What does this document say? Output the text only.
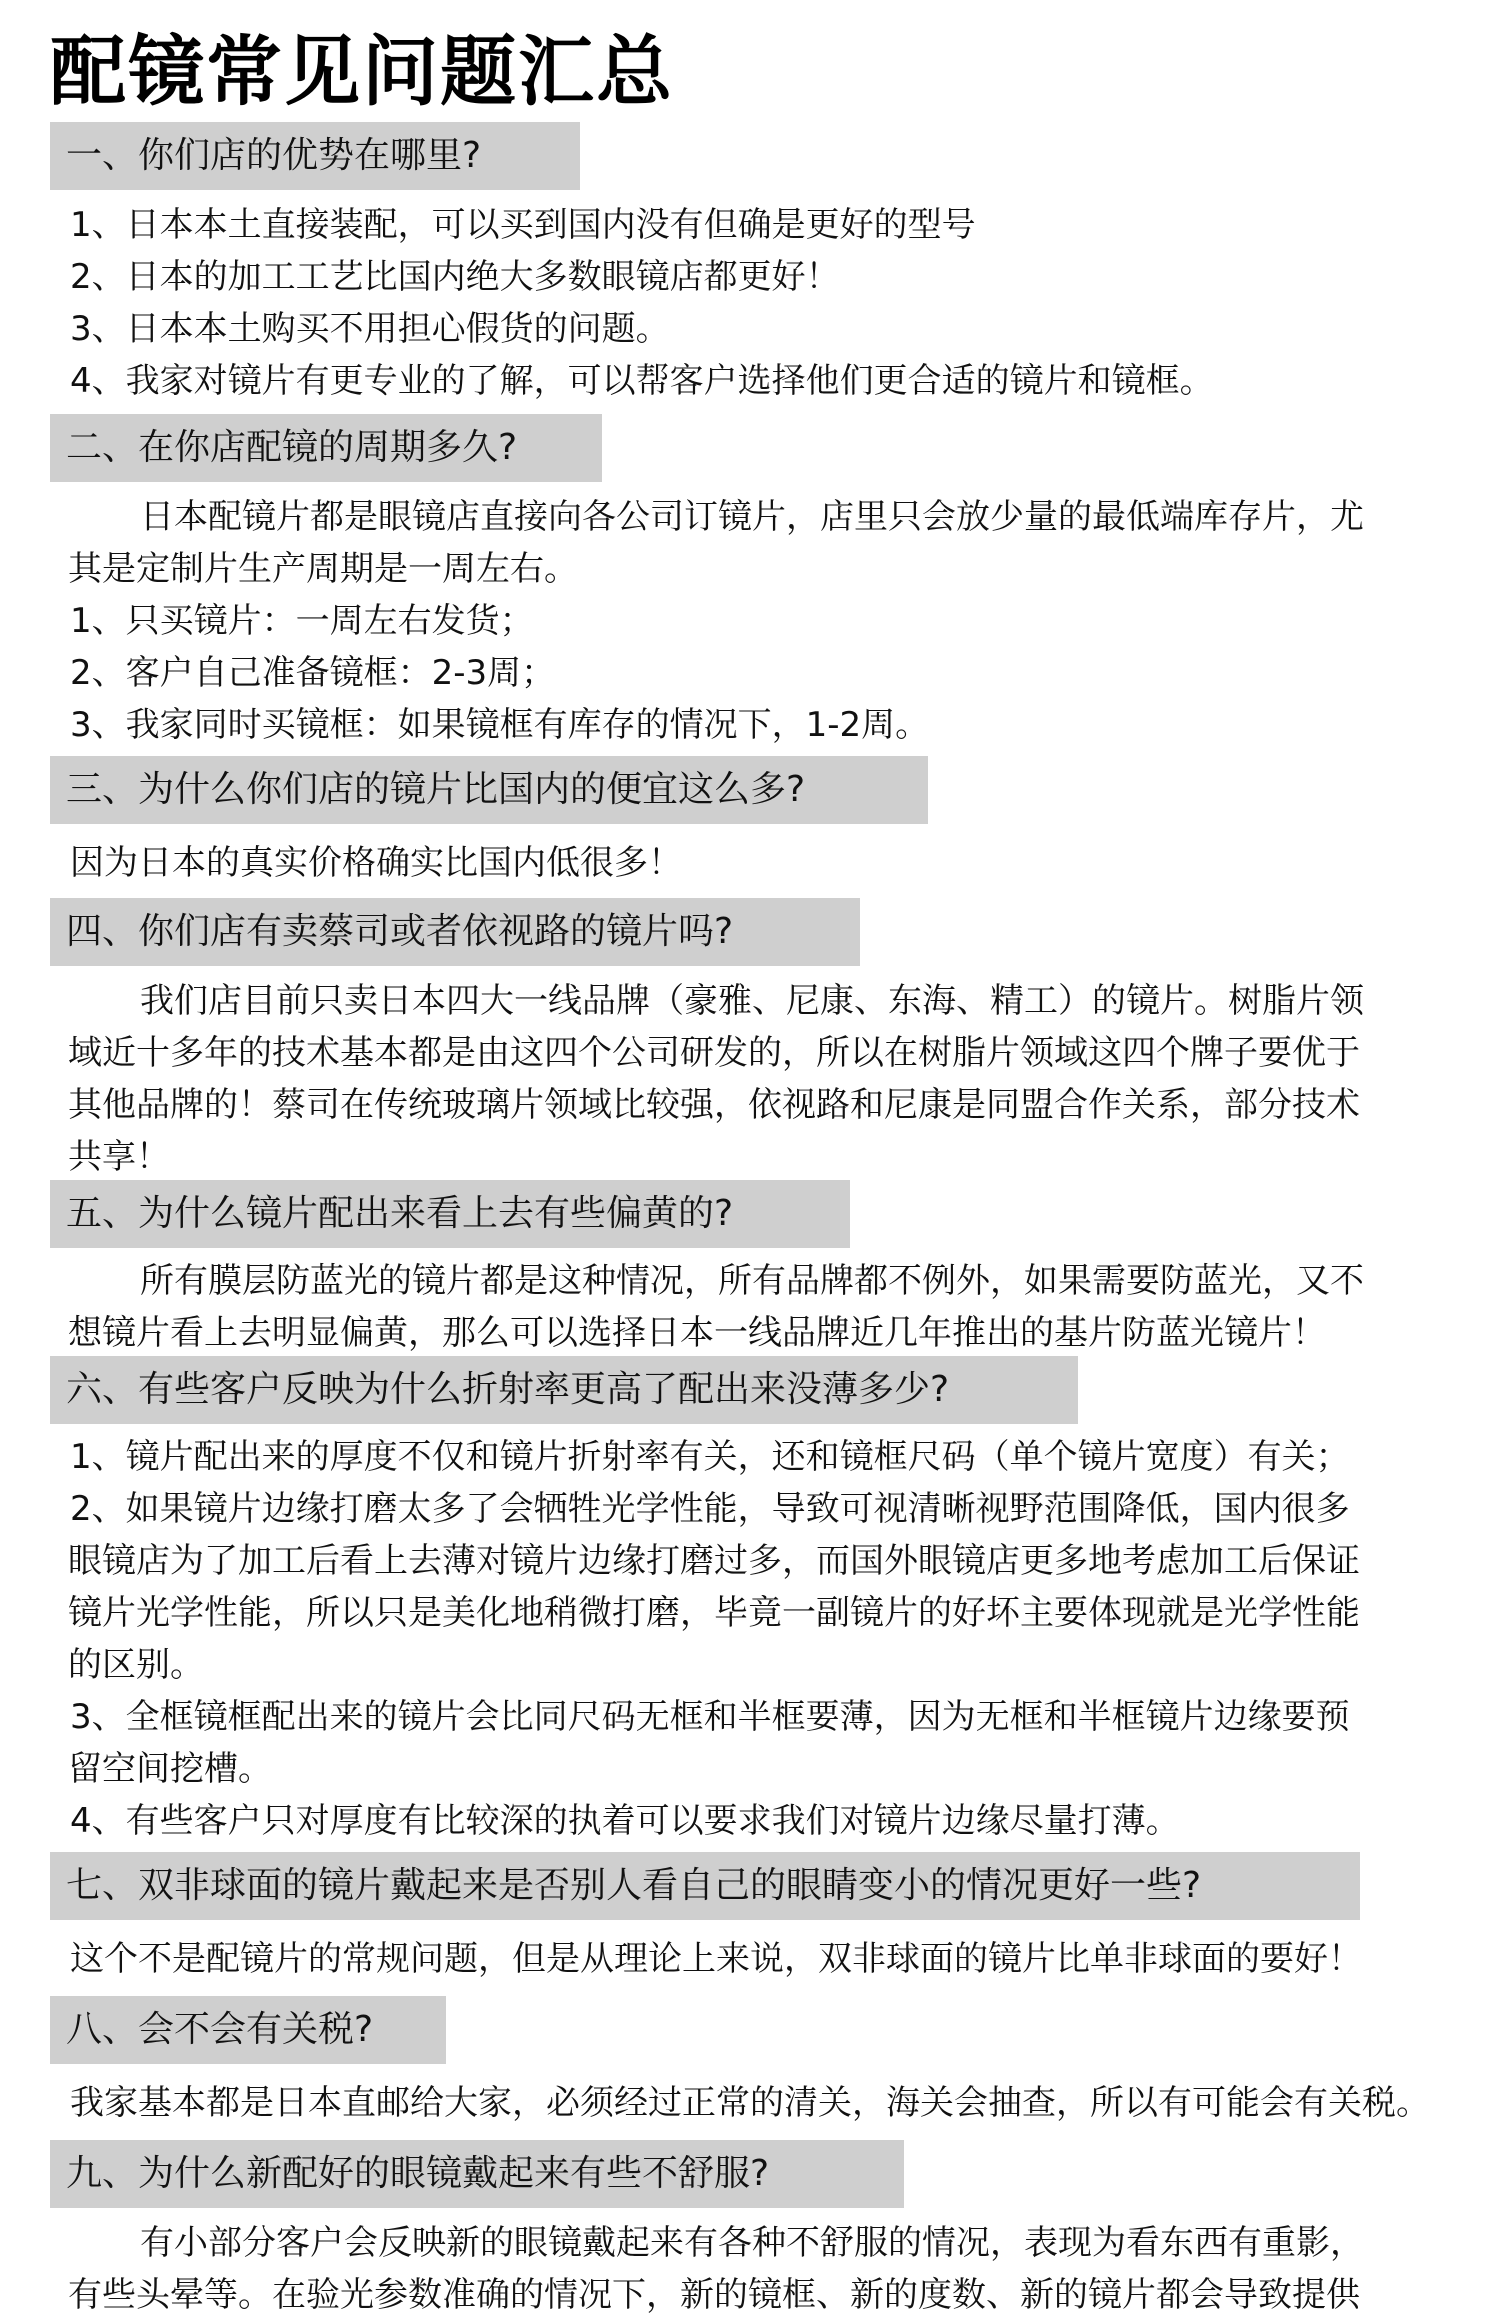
配镜常见问题汇总
一、你们店的优势在哪里?
1、日本本土直接装配，可以买到国内没有但确是更好的型号
2、日本的加工工艺比国内绝大多数眼镜店都更好！
3、日本本土购买不用担心假货的问题。
4、我家对镜片有更专业的了解，可以帮客户选择他们更合适的镜片和镜框。
二、在你店配镜的周期多久?
日本配镜片都是眼镜店直接向各公司订镜片，店里只会放少量的最低端库存片，尤
其是定制片生产周期是一周左右。
1、只买镜片：一周左右发货；
2、客户自己准备镜框：2-3周；
3、我家同时买镜框：如果镜框有库存的情况下，1-2周。
三、为什么你们店的镜片比国内的便宜这么多?
因为日本的真实价格确实比国内低很多！
四、你们店有卖蔡司或者依视路的镜片吗?
我们店目前只卖日本四大一线品牌（豪雅、尼康、东海、精工）的镜片。树脂片领
域近十多年的技术基本都是由这四个公司研发的，所以在树脂片领域这四个牌子要优于
其他品牌的！蔡司在传统玻璃片领域比较强，依视路和尼康是同盟合作关系，部分技术
共享！
五、为什么镜片配出来看上去有些偏黄的?
所有膜层防蓝光的镜片都是这种情况，所有品牌都不例外，如果需要防蓝光，又不
想镜片看上去明显偏黄，那么可以选择日本一线品牌近几年推出的基片防蓝光镜片！
六、有些客户反映为什么折射率更高了配出来没薄多少?
1、镜片配出来的厚度不仅和镜片折射率有关，还和镜框尺码（单个镜片宽度）有关；
2、如果镜片边缘打磨太多了会牺牲光学性能，导致可视清晰视野范围降低，国内很多
眼镜店为了加工后看上去薄对镜片边缘打磨过多，而国外眼镜店更多地考虑加工后保证
镜片光学性能，所以只是美化地稍微打磨，毕竟一副镜片的好坏主要体现就是光学性能
的区别。
3、全框镜框配出来的镜片会比同尺码无框和半框要薄，因为无框和半框镜片边缘要预
留空间挖槽。
4、有些客户只对厚度有比较深的执着可以要求我们对镜片边缘尽量打薄。
七、双非球面的镜片戴起来是否别人看自己的眼睛变小的情况更好一些?
这个不是配镜片的常规问题，但是从理论上来说，双非球面的镜片比单非球面的要好！
八、会不会有关税?
我家基本都是日本直邮给大家，必须经过正常的清关，海关会抽查，所以有可能会有关税。
九、为什么新配好的眼镜戴起来有些不舒服?
有小部分客户会反映新的眼镜戴起来有各种不舒服的情况，表现为看东西有重影，
有些头晕等。在验光参数准确的情况下，新的镜框、新的度数、新的镜片都会导致提供
